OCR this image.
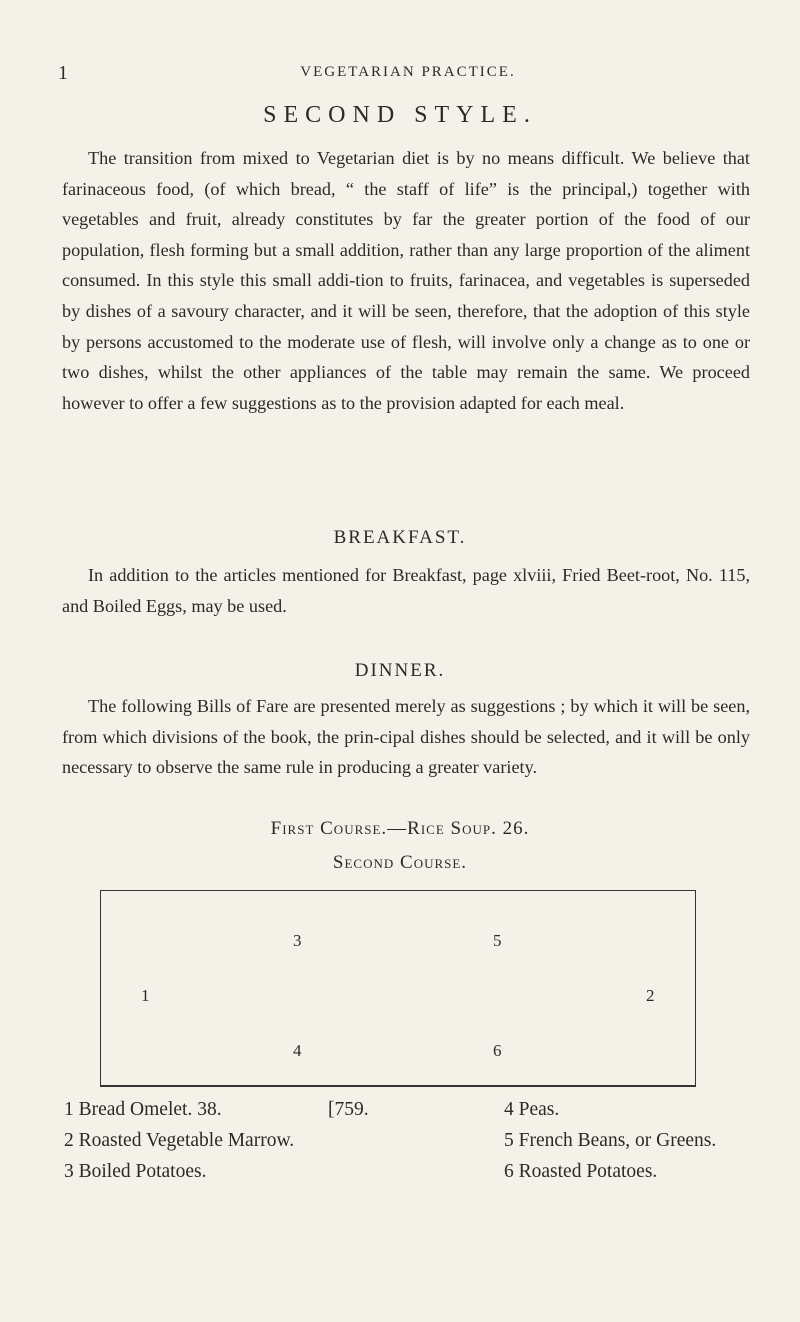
1	VEGETARIAN PRACTICE.
SECOND STYLE.

The transition from mixed to Vegetarian diet is by no means difficult. We believe that farinaceous food, (of which bread, “ the staff of life” is the principal,) together with vegetables and fruit, already constitutes by far the greater portion of the food of our population, flesh forming but a small addition, rather than any large proportion of the aliment consumed. In this style this small addi-tion to fruits, farinacea, and vegetables is superseded by dishes of a savoury character, and it will be seen, therefore, that the adoption of this style by persons accustomed to the moderate use of flesh, will involve only a change as to one or two dishes, whilst the other appliances of the table may remain the same. We proceed however to offer a few suggestions as to the provision adapted for each meal.

BREAKFAST.

In addition to the articles mentioned for Breakfast, page xlviii, Fried Beet-root, No. 115, and Boiled Eggs, may be used.

DINNER.

The following Bills of Fare are presented merely as suggestions ; by which it will be seen, from which divisions of the book, the prin-cipal dishes should be selected, and it will be only necessary to observe the same rule in producing a greater variety.

First Course.—Rice Soup. 26.
Second Course.
3	5
1	2
4	6
1 Bread Omelet. 38.	[759.	4 Peas.
2 Roasted Vegetable Marrow.	5 French Beans, or Greens.
3 Boiled Potatoes.	6 Roasted Potatoes.
